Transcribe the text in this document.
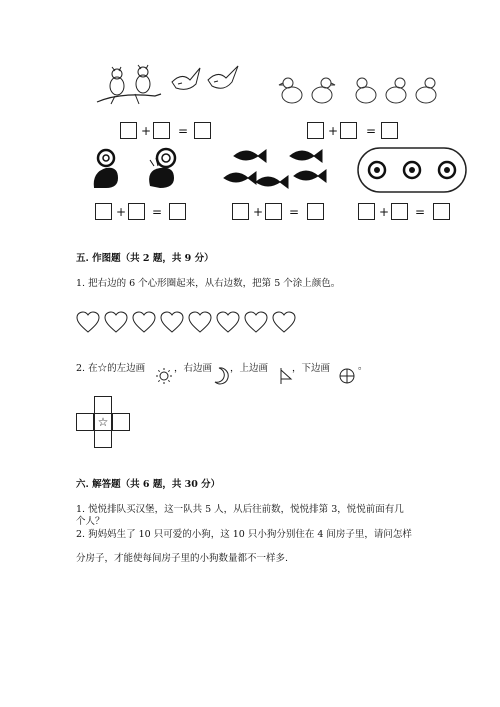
+ =	+ =
+ =	+ =	+ =
五. 作图题（共 2 题，共 9 分）
1. 把右边的 6 个心形圈起来，从右边数，把第 5 个涂上颜色。
2. 在☆的左边画	，右边画 ，上边画	，下边画	。
☆
六. 解答题（共 6 题，共 30 分）
1. 悦悦排队买汉堡，这一队共 5 人，从后往前数，悦悦排第 3，悦悦前面有几
个人？
2. 狗妈妈生了 10 只可爱的小狗，这 10 只小狗分别住在 4 间房子里，请问怎样
分房子，才能使每间房子里的小狗数量都不一样多.
